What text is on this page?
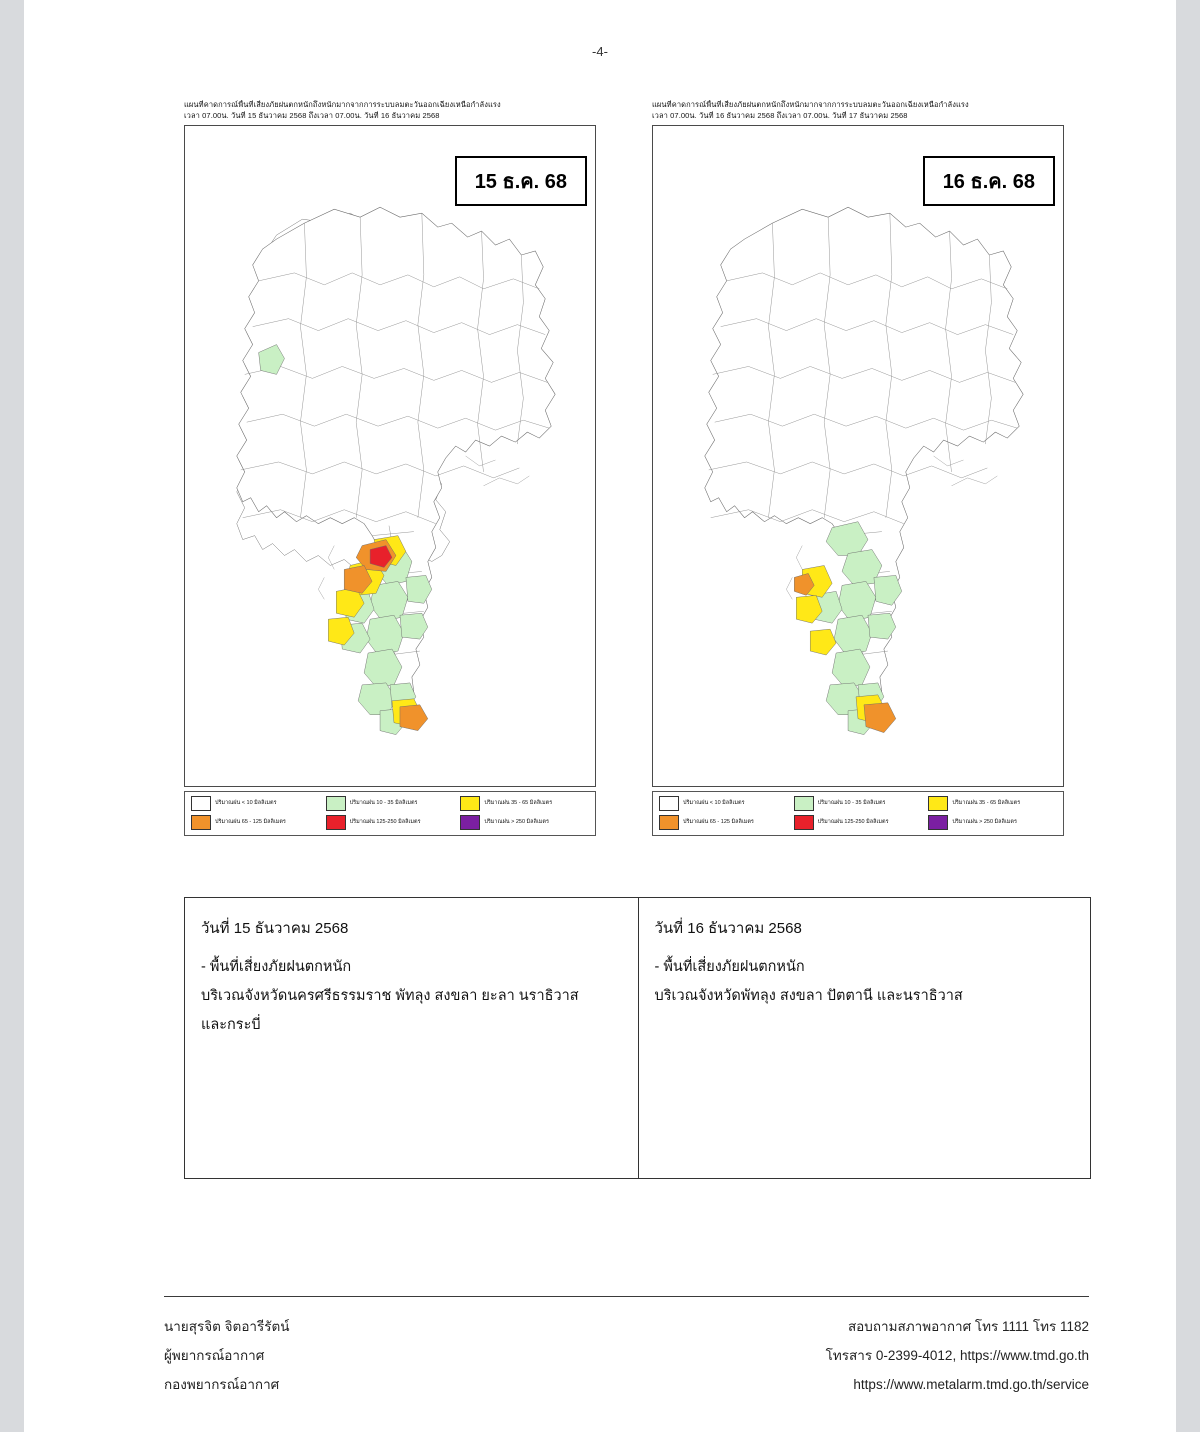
-4-
แผนที่คาดการณ์พื้นที่เสี่ยงภัยฝนตกหนักถึงหนักมากจากการระบบลมตะวันออกเฉียงเหนือกำลังแรง
เวลา 07.00น. วันที่ 15 ธันวาคม 2568 ถึงเวลา 07.00น. วันที่ 16 ธันวาคม 2568
15 ธ.ค. 68
ปริมาณฝน < 10 มิลลิเมตร	ปริมาณฝน 10 - 35 มิลลิเมตร	ปริมาณฝน 35 - 65 มิลลิเมตร
ปริมาณฝน 65 - 125 มิลลิเมตร	ปริมาณฝน 125-250 มิลลิเมตร	ปริมาณฝน > 250 มิลลิเมตร
แผนที่คาดการณ์พื้นที่เสี่ยงภัยฝนตกหนักถึงหนักมากจากการระบบลมตะวันออกเฉียงเหนือกำลังแรง
เวลา 07.00น. วันที่ 16 ธันวาคม 2568 ถึงเวลา 07.00น. วันที่ 17 ธันวาคม 2568
16 ธ.ค. 68
ปริมาณฝน < 10 มิลลิเมตร	ปริมาณฝน 10 - 35 มิลลิเมตร	ปริมาณฝน 35 - 65 มิลลิเมตร
ปริมาณฝน 65 - 125 มิลลิเมตร	ปริมาณฝน 125-250 มิลลิเมตร	ปริมาณฝน > 250 มิลลิเมตร
วันที่ 15 ธันวาคม 2568
- พื้นที่เสี่ยงภัยฝนตกหนัก
บริเวณจังหวัดนครศรีธรรมราช พัทลุง สงขลา ยะลา นราธิวาส
และกระบี่
วันที่ 16 ธันวาคม 2568
- พื้นที่เสี่ยงภัยฝนตกหนัก
บริเวณจังหวัดพัทลุง สงขลา ปัตตานี และนราธิวาส
นายสุรจิต จิตอารีรัตน์
ผู้พยากรณ์อากาศ
กองพยากรณ์อากาศ
สอบถามสภาพอากาศ โทร 1111 โทร 1182
โทรสาร 0-2399-4012, https://www.tmd.go.th
https://www.metalarm.tmd.go.th/service
